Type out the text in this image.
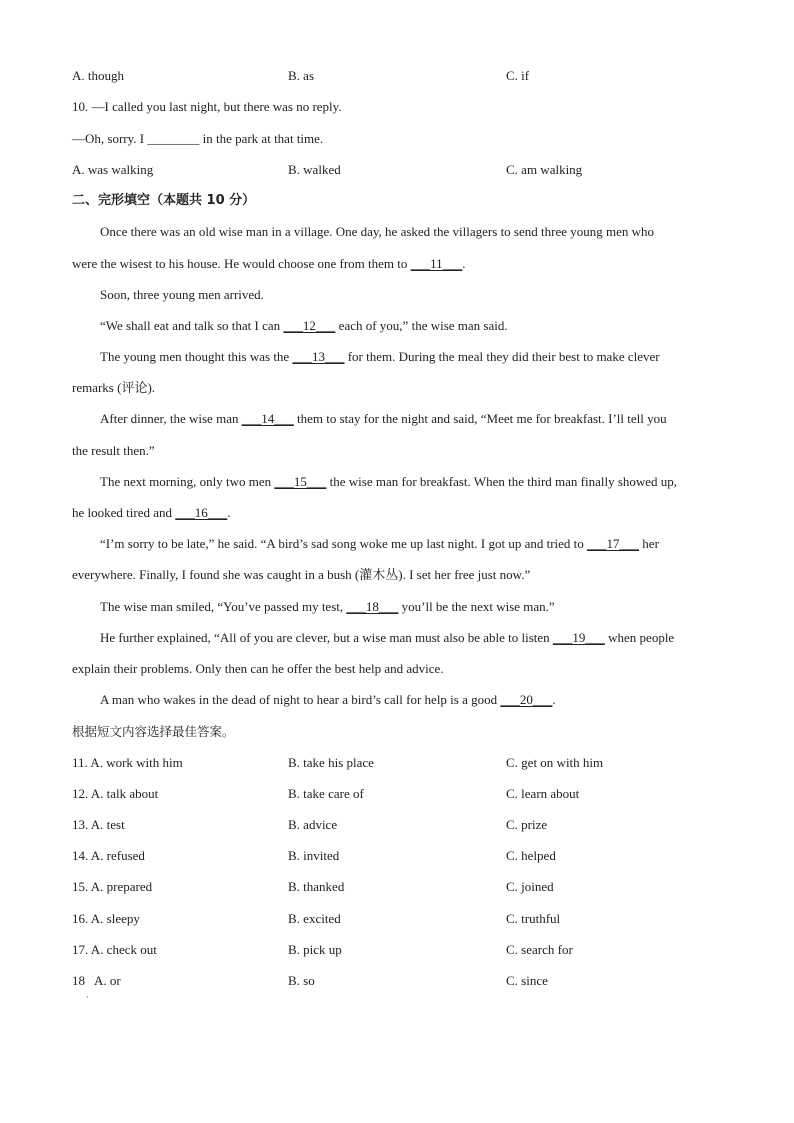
A. though	B. as	C. if
10. —I called you last night, but there was no reply.
—Oh, sorry. I ________ in the park at that time.
A. was walking	B. walked	C. am walking
二、完形填空（本题共 10 分）
Once there was an old wise man in a village. One day, he asked the villagers to send three young men who
were the wisest to his house. He would choose one from them to ___11___.
Soon, three young men arrived.
“We shall eat and talk so that I can ___12___ each of you,” the wise man said.
The young men thought this was the ___13___ for them. During the meal they did their best to make clever
remarks (评论).
After dinner, the wise man ___14___ them to stay for the night and said, “Meet me for breakfast. I’ll tell you
the result then.”
The next morning, only two men ___15___ the wise man for breakfast. When the third man finally showed up,
he looked tired and ___16___.
“I’m sorry to be late,” he said. “A bird’s sad song woke me up last night. I got up and tried to ___17___ her
everywhere. Finally, I found she was caught in a bush (灌木丛). I set her free just now.”
The wise man smiled, “You’ve passed my test, ___18___ you’ll be the next wise man.”
He further explained, “All of you are clever, but a wise man must also be able to listen ___19___ when people
explain their problems. Only then can he offer the best help and advice.
A man who wakes in the dead of night to hear a bird’s call for help is a good ___20___.
根据短文内容选择最佳答案。
11. A. work with him	B. take his place	C. get on with him
12. A. talk about	B. take care of	C. learn about
13. A. test	B. advice	C. prize
14. A. refused	B. invited	C. helped
15. A. prepared	B. thanked	C. joined
16. A. sleepy	B. excited	C. truthful
17. A. check out	B. pick up	C. search for
18   A. or	B. so	C. since
·
